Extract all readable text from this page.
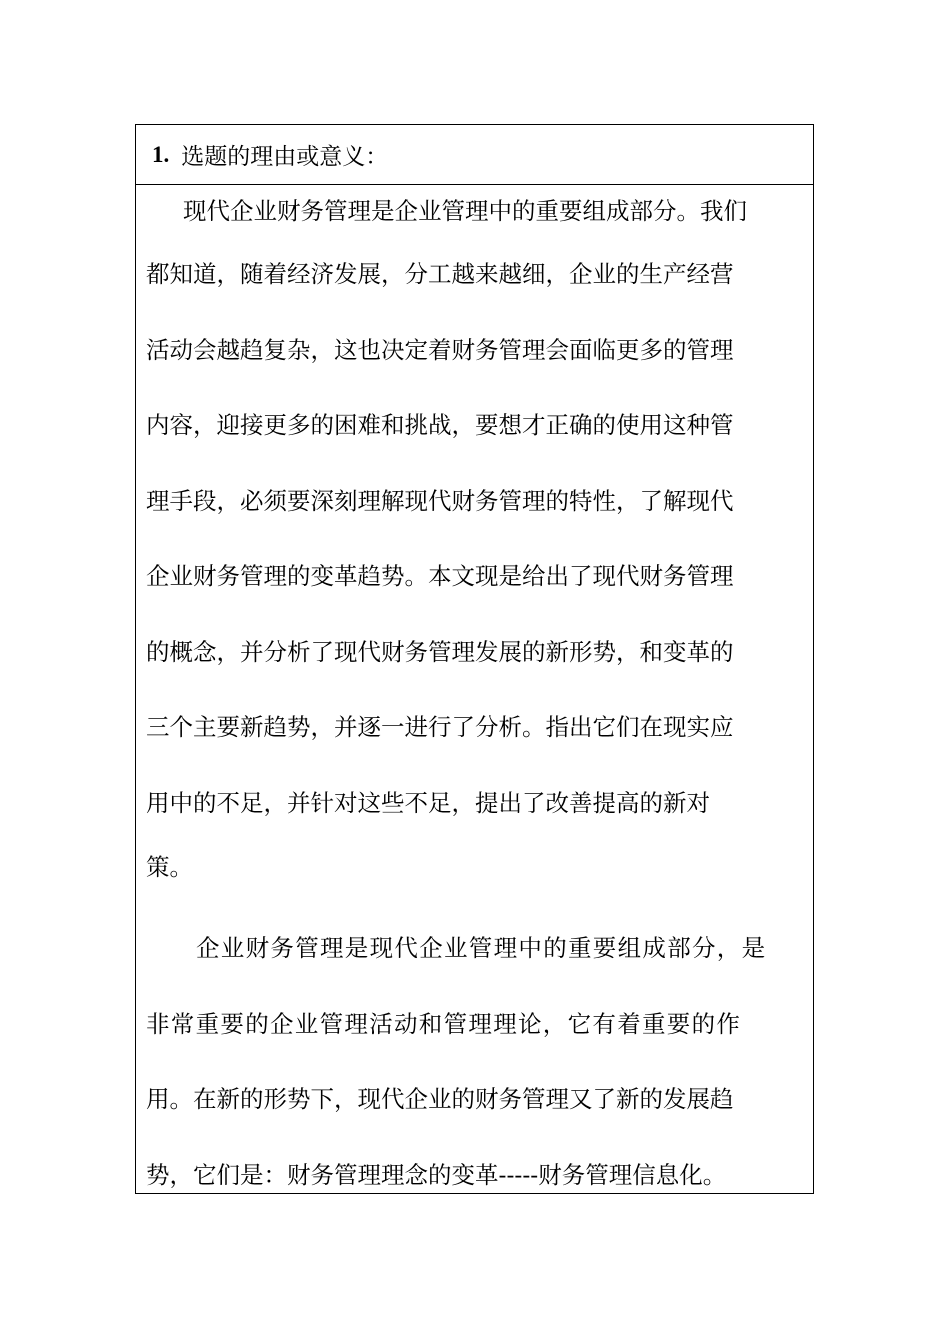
1. 选题的理由或意义：
现代企业财务管理是企业管理中的重要组成部分。我们
都知道，随着经济发展，分工越来越细，企业的生产经营
活动会越趋复杂，这也决定着财务管理会面临更多的管理
内容，迎接更多的困难和挑战，要想才正确的使用这种管
理手段，必须要深刻理解现代财务管理的特性，了解现代
企业财务管理的变革趋势。本文现是给出了现代财务管理
的概念，并分析了现代财务管理发展的新形势，和变革的
三个主要新趋势，并逐一进行了分析。指出它们在现实应
用中的不足，并针对这些不足，提出了改善提高的新对
策。
企业财务管理是现代企业管理中的重要组成部分，是
非常重要的企业管理活动和管理理论，它有着重要的作
用。在新的形势下，现代企业的财务管理又了新的发展趋
势，它们是：财务管理理念的变革-----财务管理信息化。
